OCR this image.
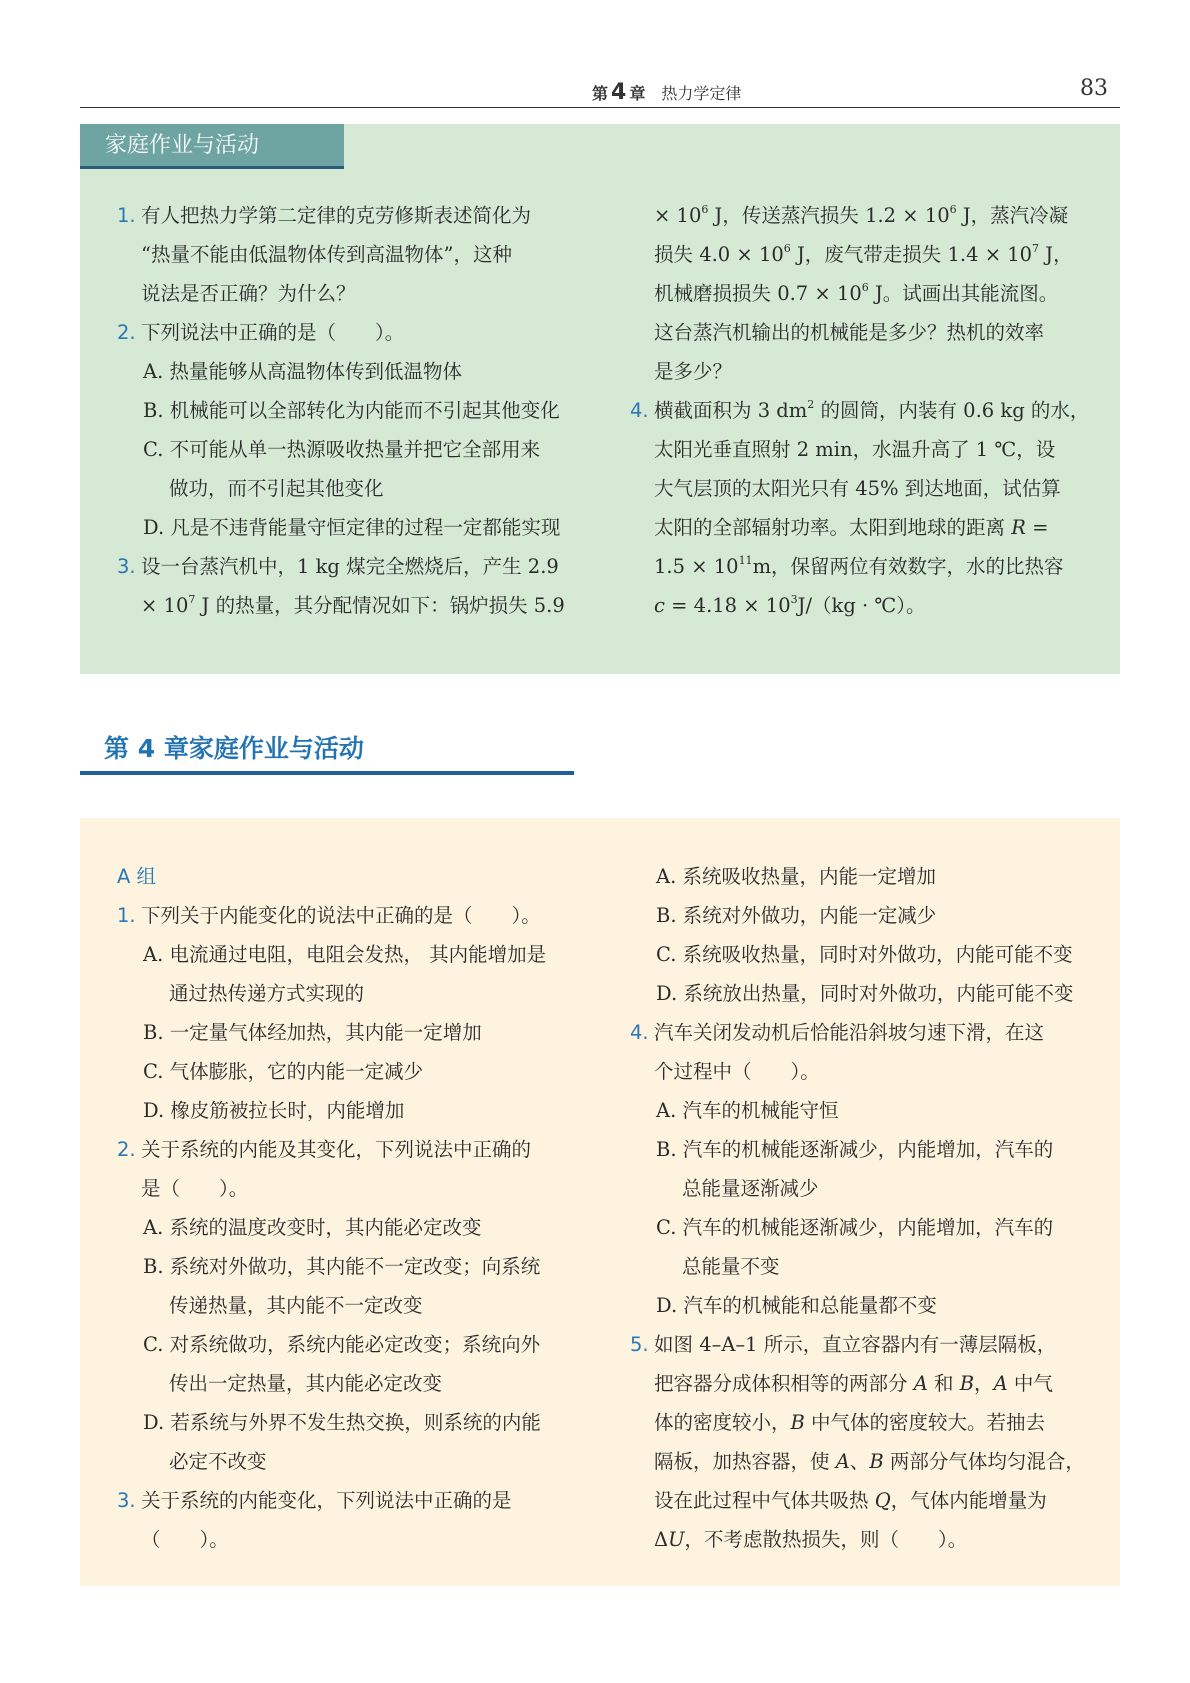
第 4 章 热力学定律	83
家庭作业与活动
1. 有人把热力学第二定律的克劳修斯表述简化为
“热量不能由低温物体传到高温物体”，这种
说法是否正确？为什么？
2. 下列说法中正确的是（　　）。
A. 热量能够从高温物体传到低温物体
B. 机械能可以全部转化为内能而不引起其他变化
C. 不可能从单一热源吸收热量并把它全部用来
做功，而不引起其他变化
D. 凡是不违背能量守恒定律的过程一定都能实现
3. 设一台蒸汽机中，1 kg 煤完全燃烧后，产生 2.9
× $10^7$ J 的热量，其分配情况如下：锅炉损失 5.9
× $10^6$ J，传送蒸汽损失 $1.2 \times 10^6$ J，蒸汽冷凝
损失 $4.0 \times 10^6$ J，废气带走损失 $1.4 \times 10^7$ J，
机械磨损损失 $0.7 \times 10^6$ J。试画出其能流图。
这台蒸汽机输出的机械能是多少？热机的效率
是多少？
4. 横截面积为 3 $dm^2$ 的圆筒，内装有 0.6 kg 的水，
太阳光垂直照射 2 min，水温升高了 1 ℃，设
大气层顶的太阳光只有 45% 到达地面，试估算
太阳的全部辐射功率。太阳到地球的距离 R =
$1.5 \times 10^{11}m$，保留两位有效数字，水的比热容
$c = 4.18 \times 10^3J/(kg$ · ℃）。
第 4 章家庭作业与活动
A 组
1. 下列关于内能变化的说法中正确的是（　　）。
A. 电流通过电阻，电阻会发热， 其内能增加是
通过热传递方式实现的
B. 一定量气体经加热，其内能一定增加
C. 气体膨胀，它的内能一定减少
D. 橡皮筋被拉长时，内能增加
2.关于系统的内能及其变化，下列说法中正确的
是（　　）。
A. 系统的温度改变时，其内能必定改变
B. 系统对外做功，其内能不一定改变；向系统
传递热量，其内能不一定改变
C. 对系统做功，系统内能必定改变；系统向外
传出一定热量，其内能必定改变
D. 若系统与外界不发生热交换，则系统的内能
必定不改变
3.关于系统的内能变化，下列说法中正确的是
（　　）。
A. 系统吸收热量，内能一定增加
B. 系统对外做功，内能一定减少
C. 系统吸收热量，同时对外做功，内能可能不变
D. 系统放出热量，同时对外做功，内能可能不变
4. 汽车关闭发动机后恰能沿斜坡匀速下滑，在这
个过程中（　　）。
A. 汽车的机械能守恒
B. 汽车的机械能逐渐减少，内能增加，汽车的
总能量逐渐减少
C. 汽车的机械能逐渐减少，内能增加，汽车的
总能量不变
D. 汽车的机械能和总能量都不变
5. 如图 4–A–1 所示，直立容器内有一薄层隔板，
把容器分成体积相等的两部分 A 和 B，A 中气
体的密度较小，B 中气体的密度较大。若抽去
隔板，加热容器，使 A、B 两部分气体均匀混合，
设在此过程中气体共吸热 Q，气体内能增量为
ΔU，不考虑散热损失，则（　　）。
